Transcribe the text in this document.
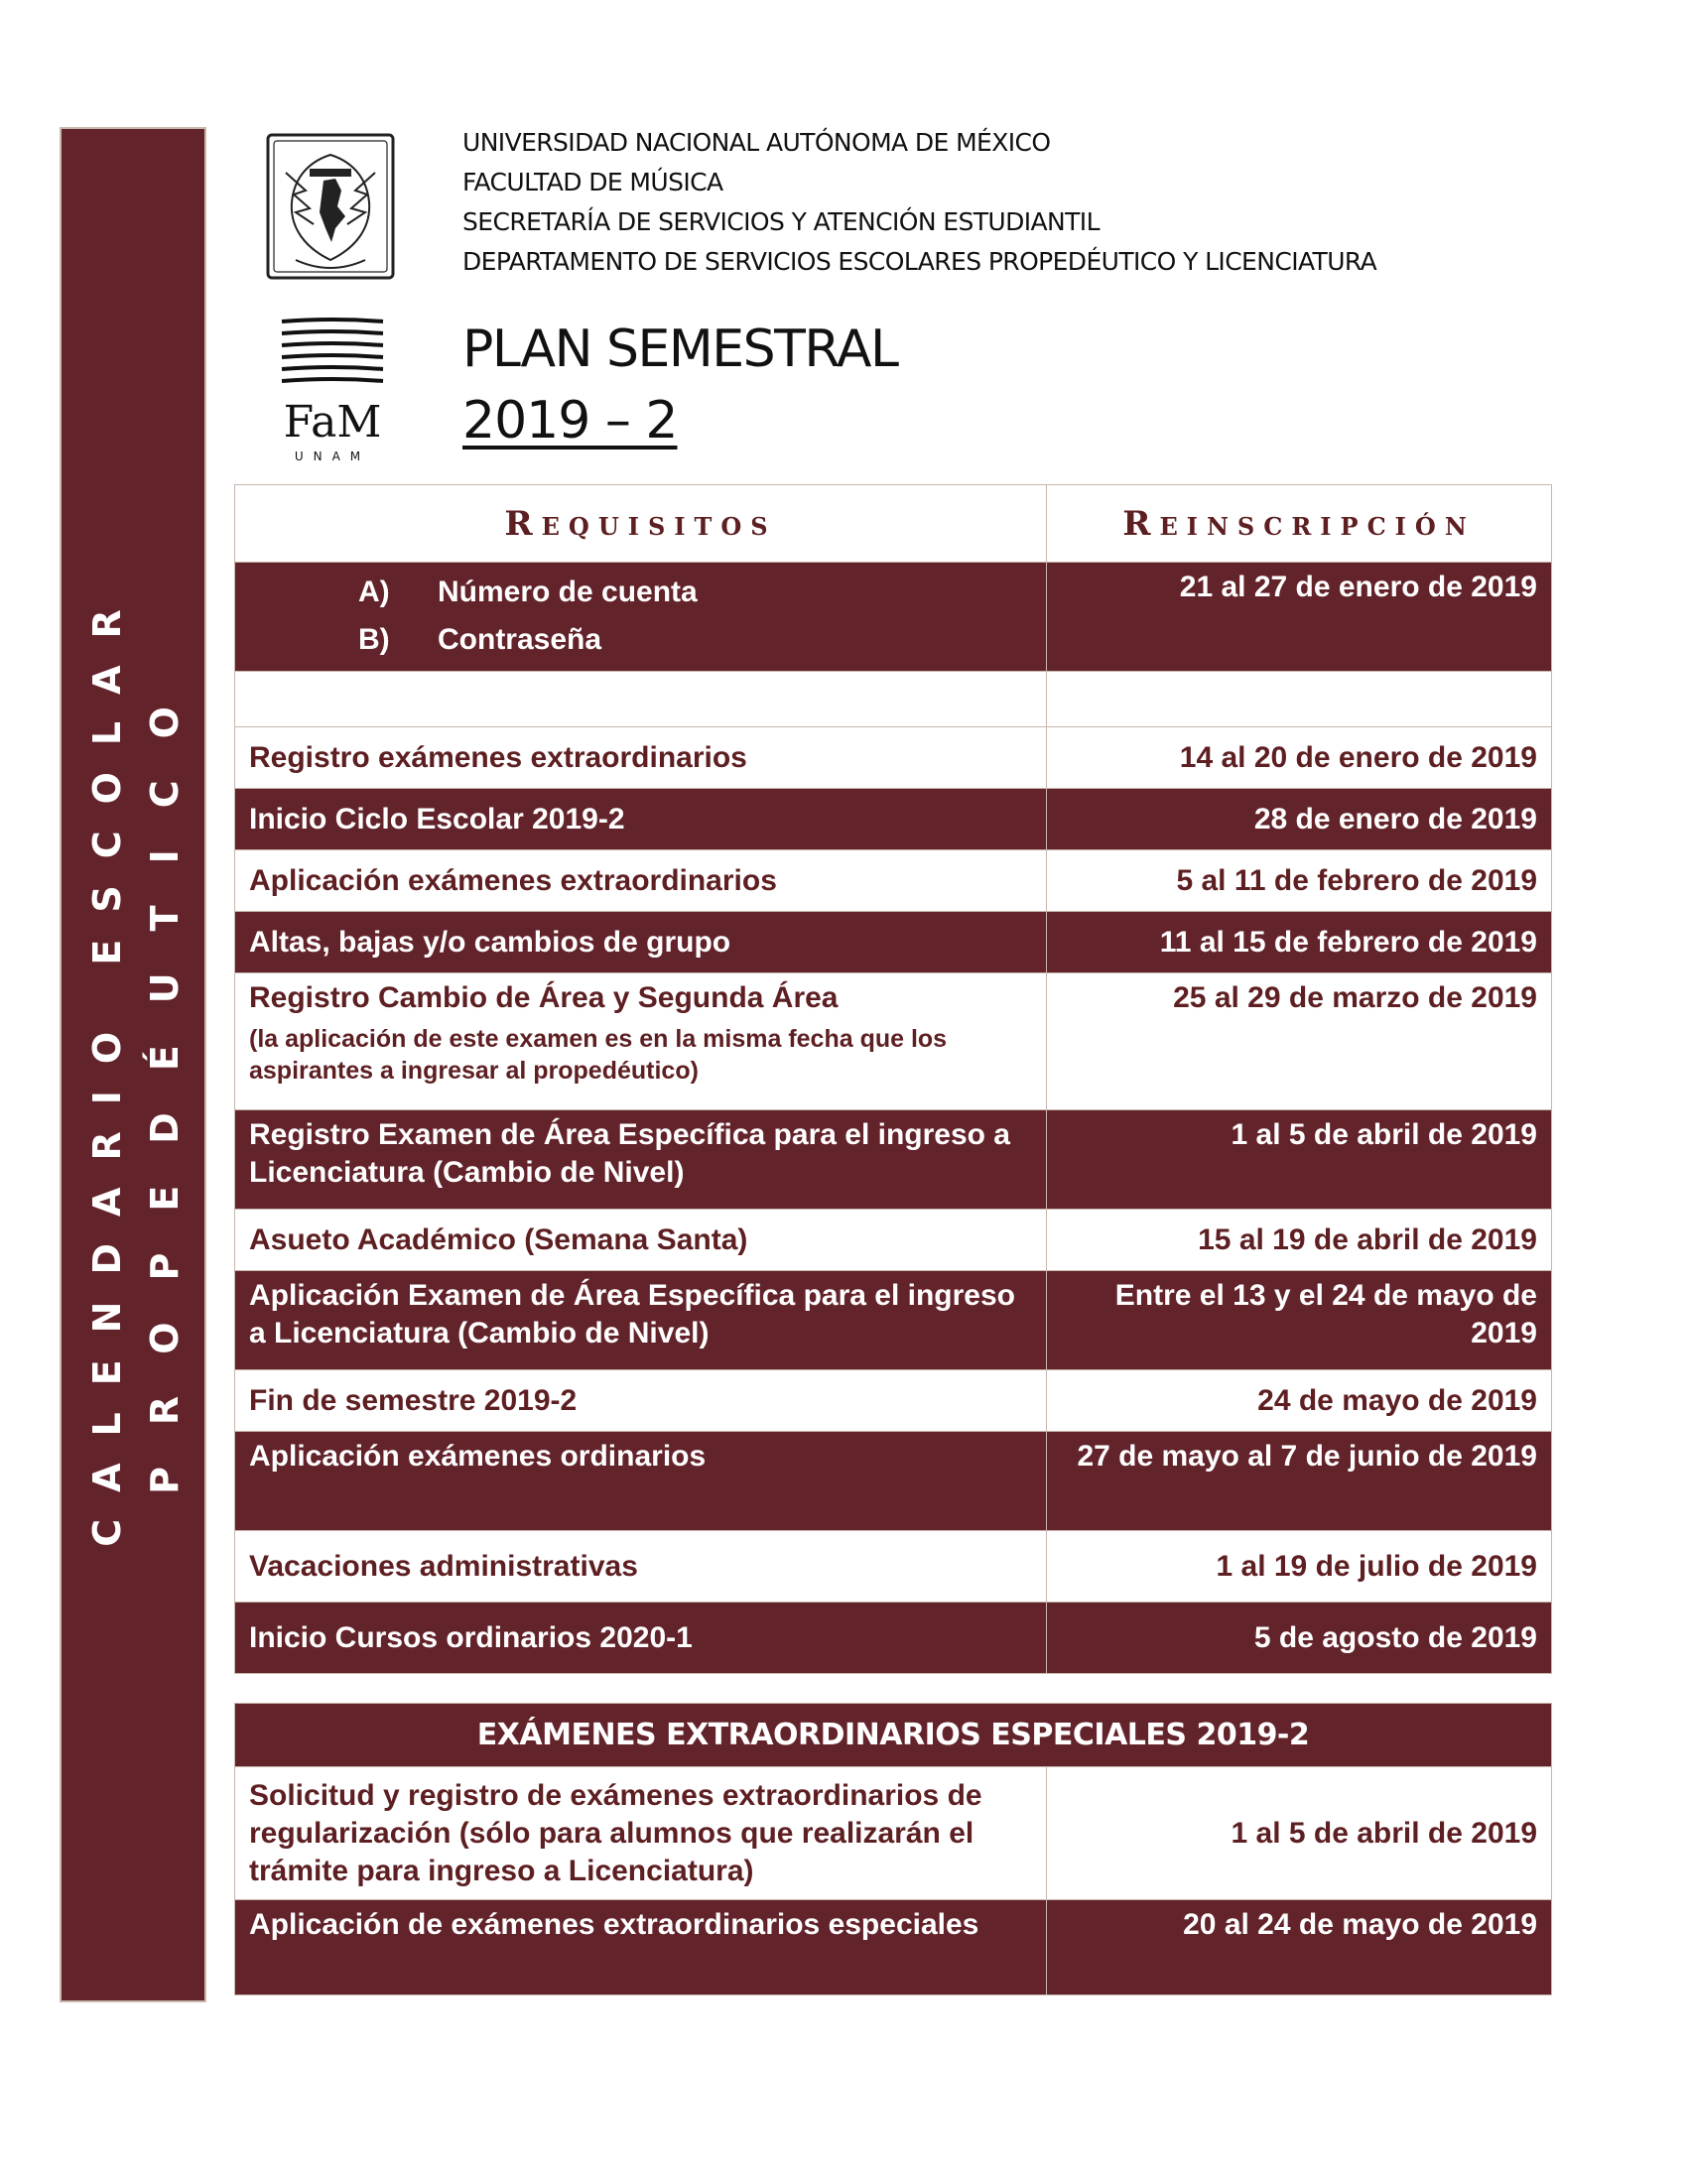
CALENDARIO ESCOLAR PROPEDÉUTICO
FaM
UNAM
UNIVERSIDAD NACIONAL AUTÓNOMA DE MÉXICO
FACULTAD DE MÚSICA
SECRETARÍA DE SERVICIOS Y ATENCIÓN ESTUDIANTIL
DEPARTAMENTO DE SERVICIOS ESCOLARES PROPEDÉUTICO Y LICENCIATURA
PLAN SEMESTRAL
2019 – 2
Requisitos	Reinscripción

A) Número de cuenta
B) Contraseña	21 al 27 de enero de 2019

Registro exámenes extraordinarios	14 al 20 de enero de 2019
Inicio Ciclo Escolar 2019-2	28 de enero de 2019
Aplicación exámenes extraordinarios	5 al 11 de febrero de 2019
Altas, bajas y/o cambios de grupo	11 al 15 de febrero de 2019
Registro Cambio de Área y Segunda Área
(la aplicación de este examen es en la misma fecha que los aspirantes a ingresar al propedéutico)	25 al 29 de marzo de 2019
Registro Examen de Área Específica para el ingreso a Licenciatura (Cambio de Nivel)	1 al 5 de abril de 2019
Asueto Académico (Semana Santa)	15 al 19 de abril de 2019
Aplicación Examen de Área Específica para el ingreso a Licenciatura (Cambio de Nivel)	Entre el 13 y el 24 de mayo de 2019
Fin de semestre 2019-2	24 de mayo de 2019
Aplicación exámenes ordinarios	27 de mayo al 7 de junio de 2019
Vacaciones administrativas	1 al 19 de julio de 2019
Inicio Cursos ordinarios 2020-1	5 de agosto de 2019
EXÁMENES EXTRAORDINARIOS ESPECIALES 2019-2	
Solicitud y registro de exámenes extraordinarios de regularización (sólo para alumnos que realizarán el trámite para ingreso a Licenciatura)	1 al 5 de abril de 2019
Aplicación de exámenes extraordinarios especiales	20 al 24 de mayo de 2019
